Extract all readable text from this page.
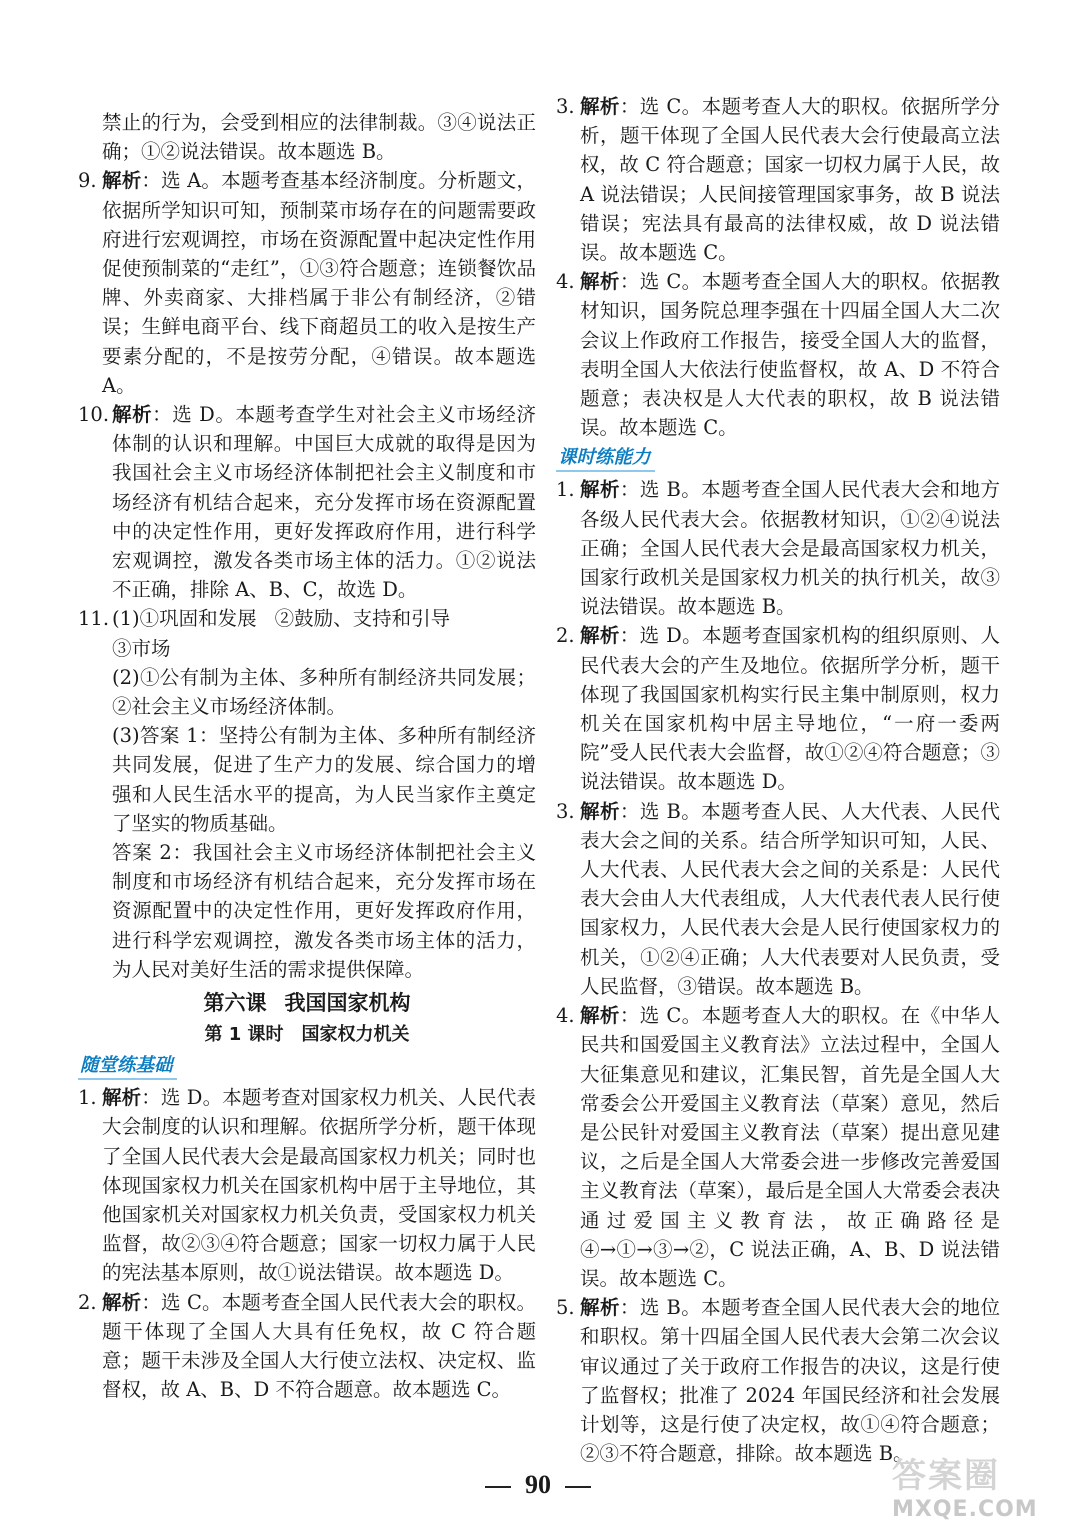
禁止的行为，会受到相应的法律制裁。③④说法正确；①②说法错误。故本题选 B。
9. 解析：选 A。本题考查基本经济制度。分析题文，依据所学知识可知，预制菜市场存在的问题需要政府进行宏观调控，市场在资源配置中起决定性作用促使预制菜的“走红”，①③符合题意；连锁餐饮品牌、外卖商家、大排档属于非公有制经济，②错误；生鲜电商平台、线下商超员工的收入是按生产要素分配的，不是按劳分配，④错误。故本题选 A。
10. 解析：选 D。本题考查学生对社会主义市场经济体制的认识和理解。中国巨大成就的取得是因为我国社会主义市场经济体制把社会主义制度和市场经济有机结合起来，充分发挥市场在资源配置中的决定性作用，更好发挥政府作用，进行科学宏观调控，激发各类市场主体的活力。①②说法不正确，排除 A、B、C，故选 D。
11. (1)①巩固和发展 ②鼓励、支持和引导
③市场
(2)①公有制为主体、多种所有制经济共同发展；②社会主义市场经济体制。
(3)答案 1：坚持公有制为主体、多种所有制经济共同发展，促进了生产力的发展、综合国力的增强和人民生活水平的提高，为人民当家作主奠定了坚实的物质基础。
答案 2：我国社会主义市场经济体制把社会主义制度和市场经济有机结合起来，充分发挥市场在资源配置中的决定性作用，更好发挥政府作用，进行科学宏观调控，激发各类市场主体的活力，为人民对美好生活的需求提供保障。
第六课 我国国家机构
第 1 课时 国家权力机关
随堂练基础
1. 解析：选 D。本题考查对国家权力机关、人民代表大会制度的认识和理解。依据所学分析，题干体现了全国人民代表大会是最高国家权力机关；同时也体现国家权力机关在国家机构中居于主导地位，其他国家机关对国家权力机关负责，受国家权力机关监督，故②③④符合题意；国家一切权力属于人民的宪法基本原则，故①说法错误。故本题选 D。
2. 解析：选 C。本题考查全国人民代表大会的职权。题干体现了全国人大具有任免权，故 C 符合题意；题干未涉及全国人大行使立法权、决定权、监督权，故 A、B、D 不符合题意。故本题选 C。
3. 解析：选 C。本题考查人大的职权。依据所学分析，题干体现了全国人民代表大会行使最高立法权，故 C 符合题意；国家一切权力属于人民，故 A 说法错误；人民间接管理国家事务，故 B 说法错误；宪法具有最高的法律权威，故 D 说法错误。故本题选 C。
4. 解析：选 C。本题考查全国人大的职权。依据教材知识，国务院总理李强在十四届全国人大二次会议上作政府工作报告，接受全国人大的监督，表明全国人大依法行使监督权，故 A、D 不符合题意；表决权是人大代表的职权，故 B 说法错误。故本题选 C。
课时练能力
1. 解析：选 B。本题考查全国人民代表大会和地方各级人民代表大会。依据教材知识，①②④说法正确；全国人民代表大会是最高国家权力机关，国家行政机关是国家权力机关的执行机关，故③说法错误。故本题选 B。
2. 解析：选 D。本题考查国家机构的组织原则、人民代表大会的产生及地位。依据所学分析，题干体现了我国国家机构实行民主集中制原则，权力机关在国家机构中居主导地位，“一府一委两院”受人民代表大会监督，故①②④符合题意；③说法错误。故本题选 D。
3. 解析：选 B。本题考查人民、人大代表、人民代表大会之间的关系。结合所学知识可知，人民、人大代表、人民代表大会之间的关系是：人民代表大会由人大代表组成，人大代表代表人民行使国家权力，人民代表大会是人民行使国家权力的机关，①②④正确；人大代表要对人民负责，受人民监督，③错误。故本题选 B。
4. 解析：选 C。本题考查人大的职权。在《中华人民共和国爱国主义教育法》立法过程中，全国人大征集意见和建议，汇集民智，首先是全国人大常委会公开爱国主义教育法（草案）意见，然后是公民针对爱国主义教育法（草案）提出意见建议，之后是全国人大常委会进一步修改完善爱国主义教育法（草案），最后是全国人大常委会表决通过爱国主义教育法，故正确路径是④→①→③→②，C 说法正确，A、B、D 说法错误。故本题选 C。
5. 解析：选 B。本题考查全国人民代表大会的地位和职权。第十四届全国人民代表大会第二次会议审议通过了关于政府工作报告的决议，这是行使了监督权；批准了 2024 年国民经济和社会发展计划等，这是行使了决定权，故①④符合题意；②③不符合题意，排除。故本题选 B。
90	答案圈
MXQE.COM
